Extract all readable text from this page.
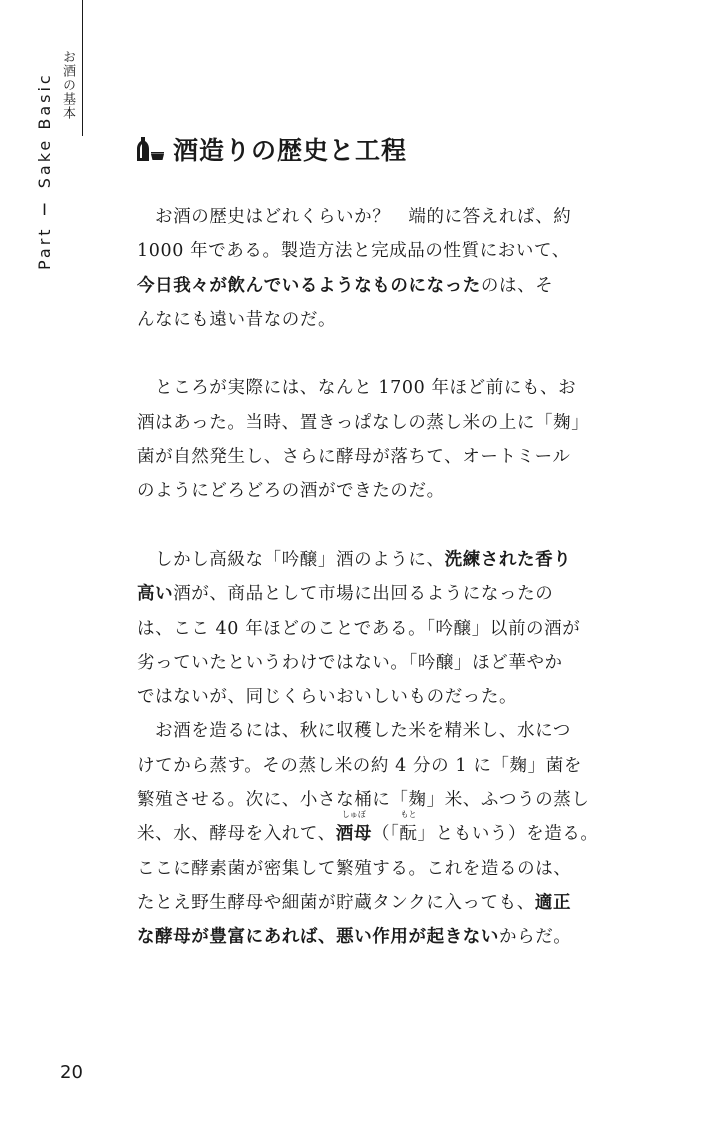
Part Ⅰ Sake Basic お酒の基本
酒造りの歴史と工程
お酒の歴史はどれくらいか？　端的に答えれば、約
1000 年である。製造方法と完成品の性質において、
今日我々が飲んでいるようなものになったのは、そ
んなにも遠い昔なのだ。
ところが実際には、なんと 1700 年ほど前にも、お
酒はあった。当時、置きっぱなしの蒸し米の上に「麹」
菌が自然発生し、さらに酵母が落ちて、オートミール
のようにどろどろの酒ができたのだ。
しかし高級な「吟醸」酒のように、洗練された香り
高い酒が、商品として市場に出回るようになったの
は、ここ 40 年ほどのことである。「吟醸」以前の酒が
劣っていたというわけではない。「吟醸」ほど華やか
ではないが、同じくらいおいしいものだった。
お酒を造るには、秋に収穫した米を精米し、水につ
けてから蒸す。その蒸し米の約 4 分の 1 に「麹」菌を
繁殖させる。次に、小さな桶に「麹」米、ふつうの蒸し
米、水、酵母を入れて、酒母
しゅぼ
（「酛
もと
」ともいう）を造る。
ここに酵素菌が密集して繁殖する。これを造るのは、
たとえ野生酵母や細菌が貯蔵タンクに入っても、適正
な酵母が豊富にあれば、悪い作用が起きないからだ。
20
